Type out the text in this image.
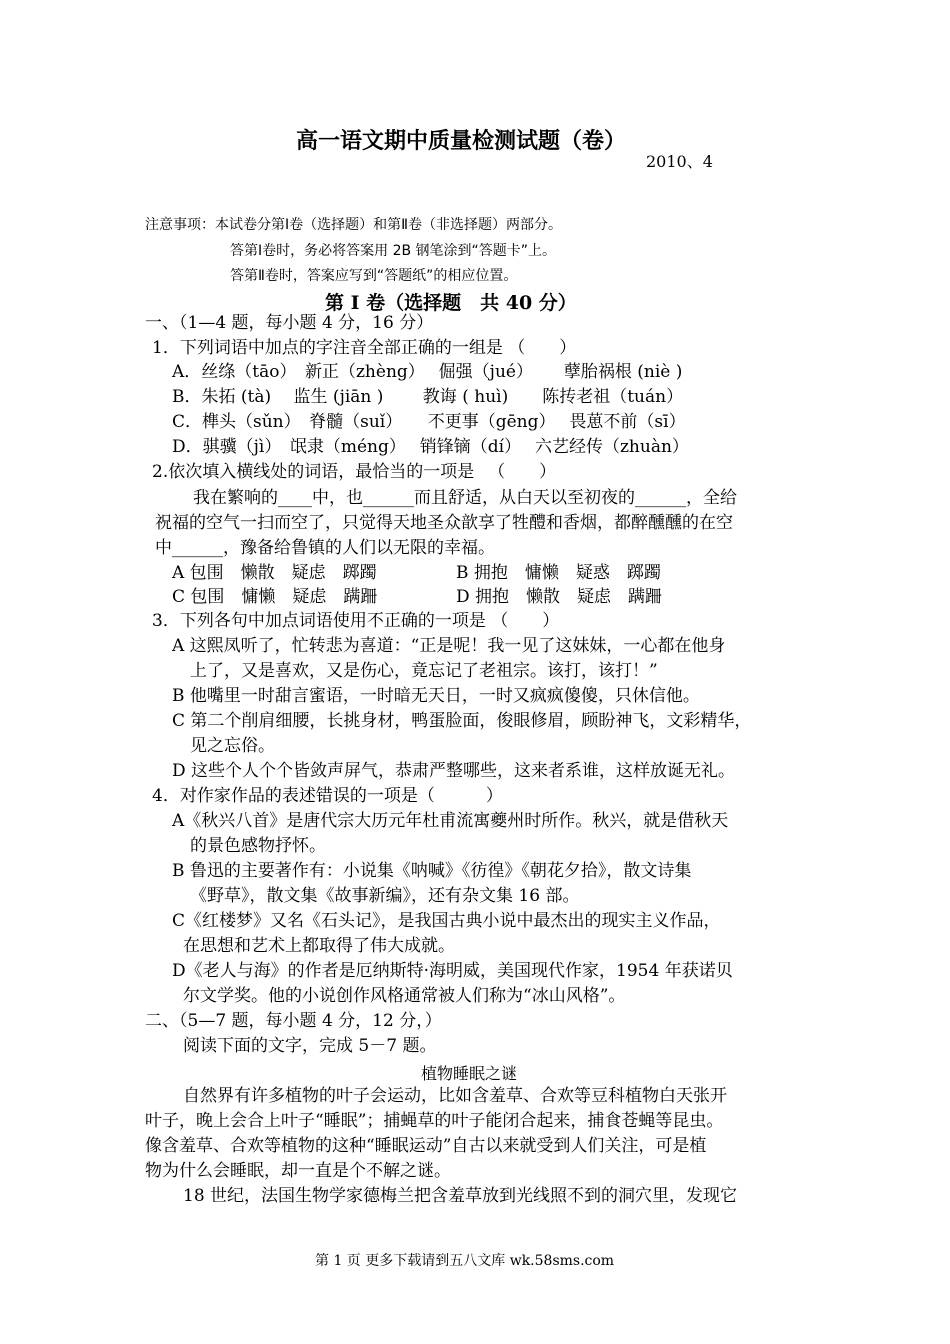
高一语文期中质量检测试题（卷）
2010、4
注意事项：本试卷分第Ⅰ卷（选择题）和第Ⅱ卷（非选择题）两部分。
答第Ⅰ卷时，务必将答案用 2B 钢笔涂到“答题卡”上。
答第Ⅱ卷时，答案应写到“答题纸”的相应位置。
第 I 卷（选择题　共 40 分）
一、（1—4 题，每小题 4 分，16 分）
1．下列词语中加点的字注音全部正确的一组是 （　　）
A．丝绦（tāo）　新正（zhèng）　 倔强（jué）　　 孽胎祸根 (niè )
B．朱拓 (tà)　 监生 (jiān )　　 教诲 ( huì)　　陈抟老祖（tuán）
C．榫头（sǔn）　脊髓（suǐ）　　不更事（gēng）　 畏葸不前（sī）
D．骐骥（jì）　氓隶（méng）　 销锋镝（dí）　 六艺经传（zhuàn）
2.依次填入横线处的词语，最恰当的一项是 　（　　）
我在繁响的____中，也______而且舒适，从白天以至初夜的______，全给
祝福的空气一扫而空了，只觉得天地圣众歆享了牲醴和香烟，都醉醺醺的在空
中______，豫备给鲁镇的人们以无限的幸福。
A 包围　懒散　疑虑　踯躅	B 拥抱　慵懒　疑惑　踯躅
C 包围　慵懒　疑虑　蹒跚	D 拥抱　懒散　疑虑　蹒跚
3．下列各句中加点词语使用不正确的一项是 （　　）
A 这熙凤听了，忙转悲为喜道：“正是呢！我一见了这妹妹，一心都在他身
上了，又是喜欢，又是伤心，竟忘记了老祖宗。该打，该打！”
B 他嘴里一时甜言蜜语，一时暗无天日，一时又疯疯傻傻，只休信他。
C 第二个削肩细腰，长挑身材，鸭蛋脸面，俊眼修眉，顾盼神飞，文彩精华，
见之忘俗。
D 这些个人个个皆敛声屏气，恭肃严整哪些，这来者系谁，这样放诞无礼。
4．对作家作品的表述错误的一项是（　　　）
A《秋兴八首》是唐代宗大历元年杜甫流寓夔州时所作。秋兴，就是借秋天
的景色感物抒怀。
B 鲁迅的主要著作有：小说集《呐喊》《彷徨》《朝花夕拾》，散文诗集
《野草》，散文集《故事新编》，还有杂文集 16 部。
C《红楼梦》又名《石头记》，是我国古典小说中最杰出的现实主义作品，
在思想和艺术上都取得了伟大成就。
D《老人与海》的作者是厄纳斯特·海明威，美国现代作家，1954 年获诺贝
尔文学奖。他的小说创作风格通常被人们称为“冰山风格”。
二、（5—7 题，每小题 4 分，12 分，）
阅读下面的文字，完成 5－7 题。
植物睡眠之谜
自然界有许多植物的叶子会运动，比如含羞草、合欢等豆科植物白天张开
叶子，晚上会合上叶子“睡眠”；捕蝇草的叶子能闭合起来，捕食苍蝇等昆虫。
像含羞草、合欢等植物的这种“睡眠运动”自古以来就受到人们关注，可是植
物为什么会睡眠，却一直是个不解之谜。
18 世纪，法国生物学家德梅兰把含羞草放到光线照不到的洞穴里，发现它
第 1 页 更多下载请到五八文库 wk.58sms.com
